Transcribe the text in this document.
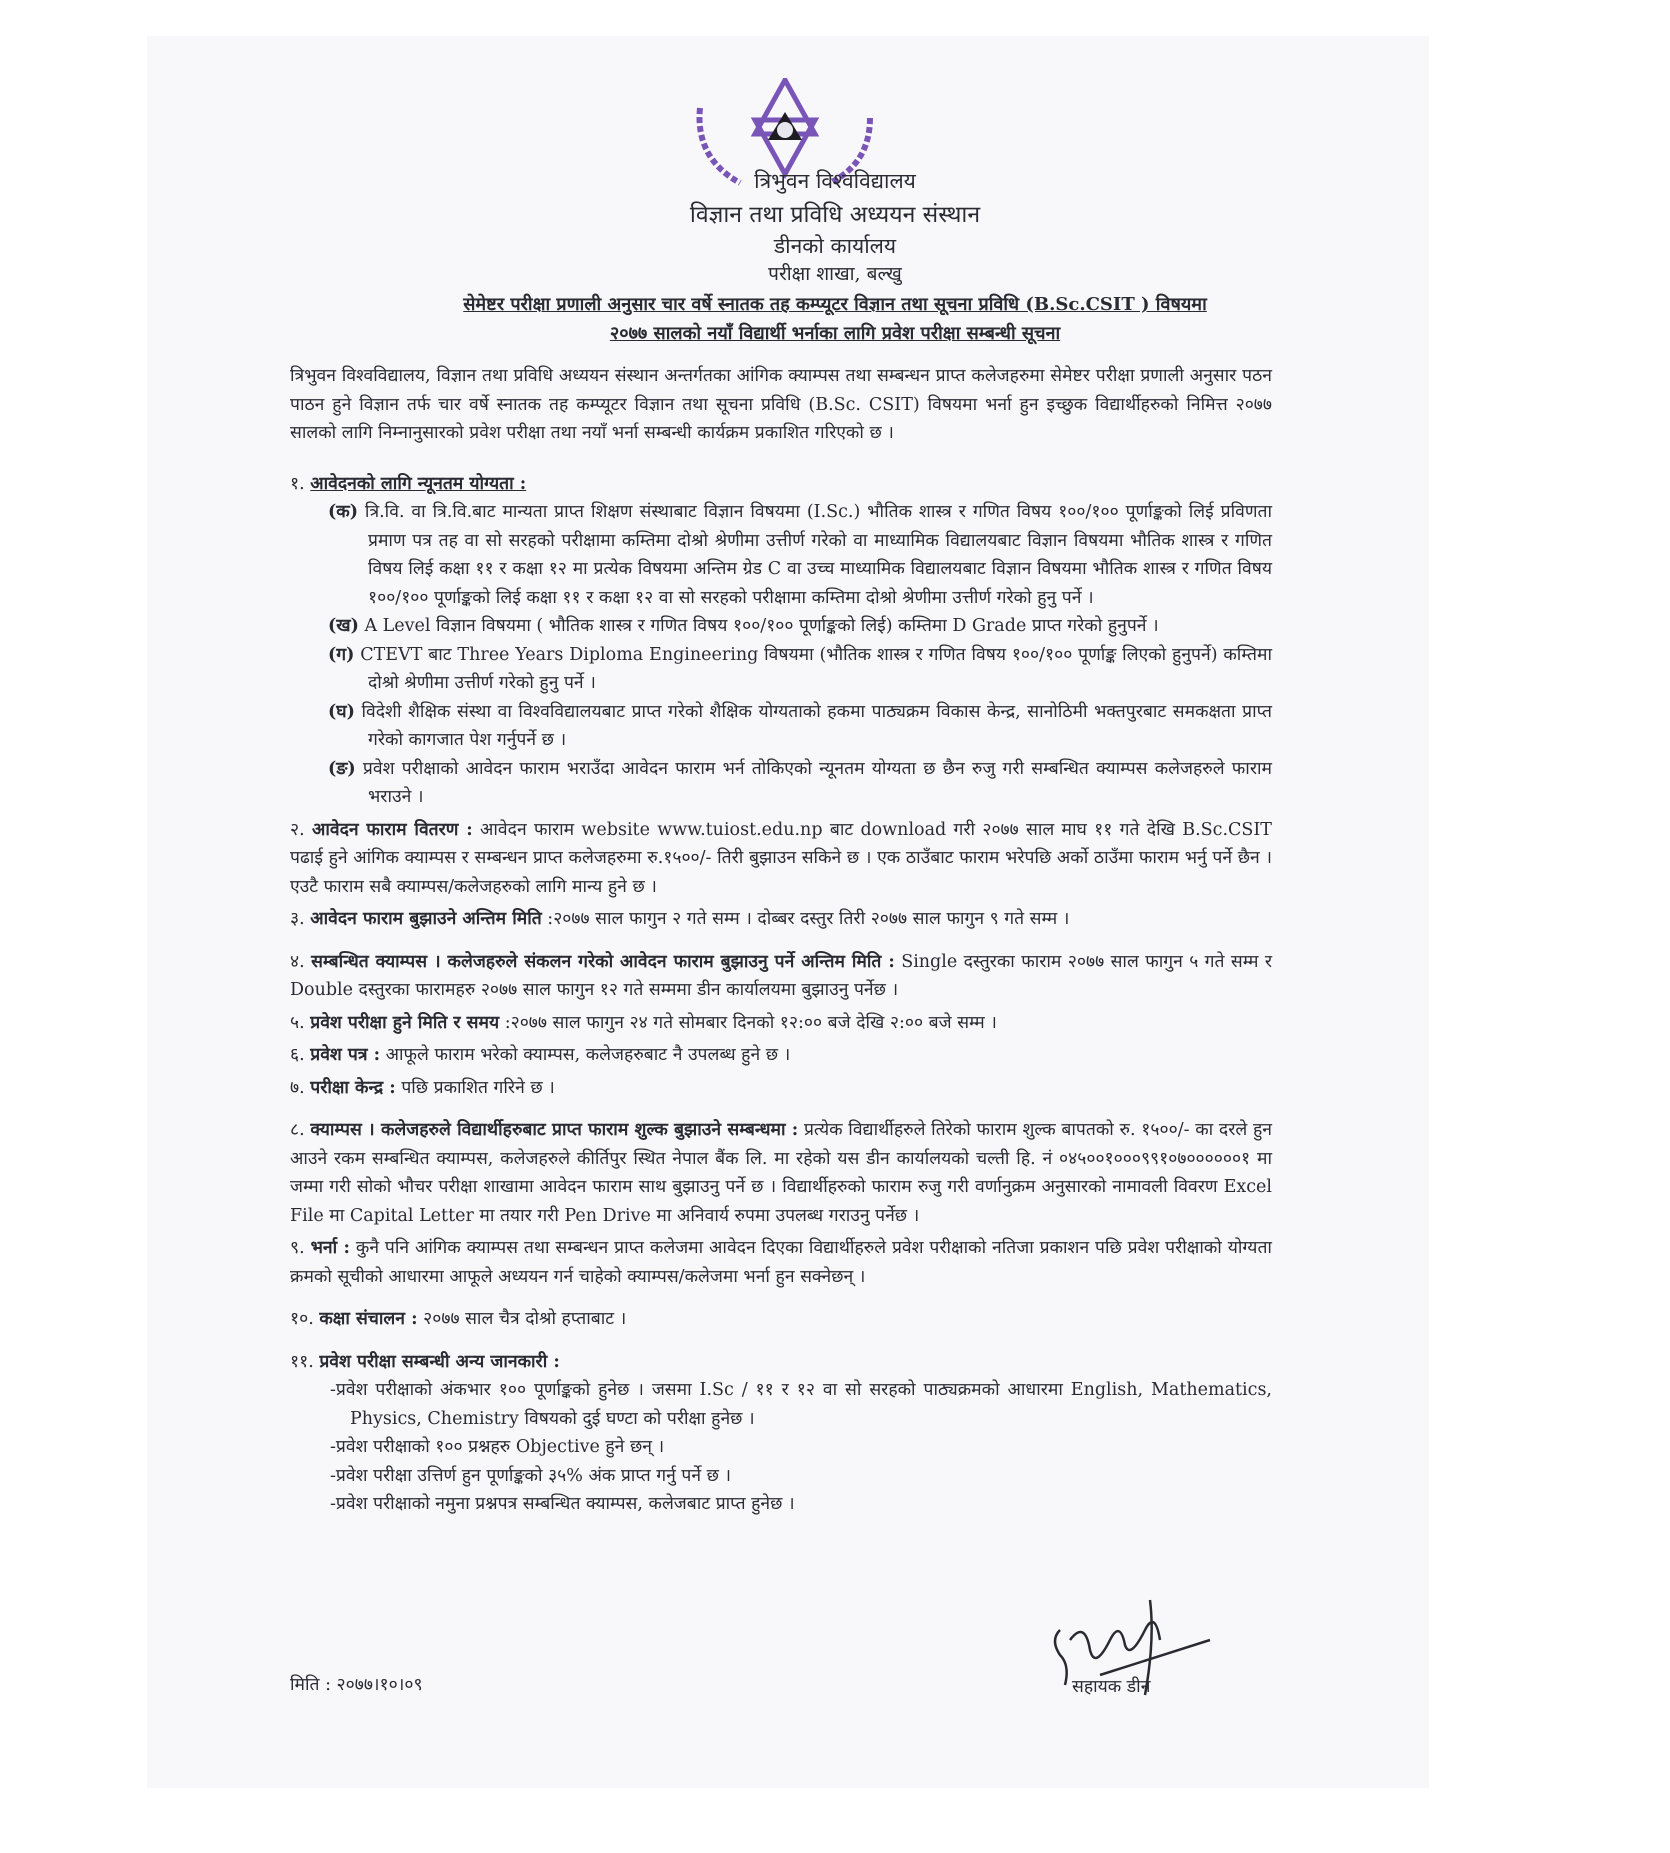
त्रिभुवन विश्वविद्यालय
विज्ञान तथा प्रविधि अध्ययन संस्थान
डीनको कार्यालय
परीक्षा शाखा, बल्खु
सेमेष्टर परीक्षा प्रणाली अनुसार चार वर्षे स्नातक तह कम्प्यूटर विज्ञान तथा सूचना प्रविधि (B.Sc.CSIT ) विषयमा
२०७७ सालको नयाँ विद्यार्थी भर्नाका लागि प्रवेश परीक्षा सम्बन्धी सूचना

त्रिभुवन विश्वविद्यालय, विज्ञान तथा प्रविधि अध्ययन संस्थान अन्तर्गतका आंगिक क्याम्पस तथा सम्बन्धन प्राप्त कलेजहरुमा सेमेष्टर परीक्षा प्रणाली अनुसार पठन पाठन हुने विज्ञान तर्फ चार वर्षे स्नातक तह कम्प्यूटर विज्ञान तथा सूचना प्रविधि (B.Sc. CSIT) विषयमा भर्ना हुन इच्छुक विद्यार्थीहरुको निमित्त २०७७ सालको लागि निम्नानुसारको प्रवेश परीक्षा तथा नयाँ भर्ना सम्बन्धी कार्यक्रम प्रकाशित गरिएको छ ।

१. आवेदनको लागि न्यूनतम योग्यता :

(क) त्रि.वि. वा त्रि.वि.बाट मान्यता प्राप्त शिक्षण संस्थाबाट विज्ञान विषयमा (I.Sc.) भौतिक शास्त्र र गणित विषय १००/१०० पूर्णाङ्कको लिई प्रविणता प्रमाण पत्र तह वा सो सरहको परीक्षामा कम्तिमा दोश्रो श्रेणीमा उत्तीर्ण गरेको वा माध्यामिक विद्यालयबाट विज्ञान विषयमा भौतिक शास्त्र र गणित विषय लिई कक्षा ११ र कक्षा १२ मा प्रत्येक विषयमा अन्तिम ग्रेड C वा उच्च माध्यामिक विद्यालयबाट विज्ञान विषयमा भौतिक शास्त्र र गणित विषय १००/१०० पूर्णाङ्कको लिई कक्षा ११ र कक्षा १२ वा सो सरहको परीक्षामा कम्तिमा दोश्रो श्रेणीमा उत्तीर्ण गरेको हुनु पर्ने ।

(ख) A Level विज्ञान विषयमा ( भौतिक शास्त्र र गणित विषय १००/१०० पूर्णाङ्कको लिई) कम्तिमा D Grade प्राप्त गरेको हुनुपर्ने ।

(ग) CTEVT बाट Three Years Diploma Engineering विषयमा (भौतिक शास्त्र र गणित विषय १००/१०० पूर्णाङ्क लिएको हुनुपर्ने) कम्तिमा दोश्रो श्रेणीमा उत्तीर्ण गरेको हुनु पर्ने ।

(घ) विदेशी शैक्षिक संस्था वा विश्वविद्यालयबाट प्राप्त गरेको शैक्षिक योग्यताको हकमा पाठ्यक्रम विकास केन्द्र, सानोठिमी भक्तपुरबाट समकक्षता प्राप्त गरेको कागजात पेश गर्नुपर्ने छ ।

(ङ) प्रवेश परीक्षाको आवेदन फाराम भराउँदा आवेदन फाराम भर्न तोकिएको न्यूनतम योग्यता छ छैन रुजु गरी सम्बन्धित क्याम्पस कलेजहरुले फाराम भराउने ।

२. आवेदन फाराम वितरण : आवेदन फाराम website www.tuiost.edu.np बाट download गरी २०७७ साल माघ ११ गते देखि B.Sc.CSIT पढाई हुने आंगिक क्याम्पस र सम्बन्धन प्राप्त कलेजहरुमा रु.१५००/- तिरी बुझाउन सकिने छ । एक ठाउँबाट फाराम भरेपछि अर्को ठाउँमा फाराम भर्नु पर्ने छैन । एउटै फाराम सबै क्याम्पस/कलेजहरुको लागि मान्य हुने छ ।

३. आवेदन फाराम बुझाउने अन्तिम मिति :२०७७ साल फागुन २ गते सम्म । दोब्बर दस्तुर तिरी २०७७ साल फागुन ९ गते सम्म ।

४. सम्बन्धित क्याम्पस । कलेजहरुले संकलन गरेको आवेदन फाराम बुझाउनु पर्ने अन्तिम मिति : Single दस्तुरका फाराम २०७७ साल फागुन ५ गते सम्म र Double दस्तुरका फारामहरु २०७७ साल फागुन १२ गते सम्ममा डीन कार्यालयमा बुझाउनु पर्नेछ ।

५. प्रवेश परीक्षा हुने मिति र समय :२०७७ साल फागुन २४ गते सोमबार दिनको १२:०० बजे देखि २:०० बजे सम्म ।

६. प्रवेश पत्र : आफूले फाराम भरेको क्याम्पस, कलेजहरुबाट नै उपलब्ध हुने छ ।

७. परीक्षा केन्द्र : पछि प्रकाशित गरिने छ ।

८. क्याम्पस । कलेजहरुले विद्यार्थीहरुबाट प्राप्त फाराम शुल्क बुझाउने सम्बन्धमा : प्रत्येक विद्यार्थीहरुले तिरेको फाराम शुल्क बापतको रु. १५००/- का दरले हुन आउने रकम सम्बन्धित क्याम्पस, कलेजहरुले कीर्तिपुर स्थित नेपाल बैंक लि. मा रहेको यस डीन कार्यालयको चल्ती हि. नं ०४५००१०००९९१०७००००००१ मा जम्मा गरी सोको भौचर परीक्षा शाखामा आवेदन फाराम साथ बुझाउनु पर्ने छ । विद्यार्थीहरुको फाराम रुजु गरी वर्णानुक्रम अनुसारको नामावली विवरण Excel File मा Capital Letter मा तयार गरी Pen Drive मा अनिवार्य रुपमा उपलब्ध गराउनु पर्नेछ ।

९. भर्ना : कुनै पनि आंगिक क्याम्पस तथा सम्बन्धन प्राप्त कलेजमा आवेदन दिएका विद्यार्थीहरुले प्रवेश परीक्षाको नतिजा प्रकाशन पछि प्रवेश परीक्षाको योग्यता क्रमको सूचीको आधारमा आफूले अध्ययन गर्न चाहेको क्याम्पस/कलेजमा भर्ना हुन सक्नेछन् ।

१०. कक्षा संचालन : २०७७ साल चैत्र दोश्रो हप्ताबाट ।

११. प्रवेश परीक्षा सम्बन्धी अन्य जानकारी :

-प्रवेश परीक्षाको अंकभार १०० पूर्णाङ्कको हुनेछ । जसमा I.Sc / ११ र १२ वा सो सरहको पाठ्यक्रमको आधारमा English, Mathematics, Physics, Chemistry विषयको दुई घण्टा को परीक्षा हुनेछ ।

-प्रवेश परीक्षाको १०० प्रश्नहरु Objective हुने छन् ।

-प्रवेश परीक्षा उत्तिर्ण हुन पूर्णाङ्कको ३५% अंक प्राप्त गर्नु पर्ने छ ।

-प्रवेश परीक्षाको नमुना प्रश्नपत्र सम्बन्धित क्याम्पस, कलेजबाट प्राप्त हुनेछ ।

मिति : २०७७।१०।०९	सहायक डीन
